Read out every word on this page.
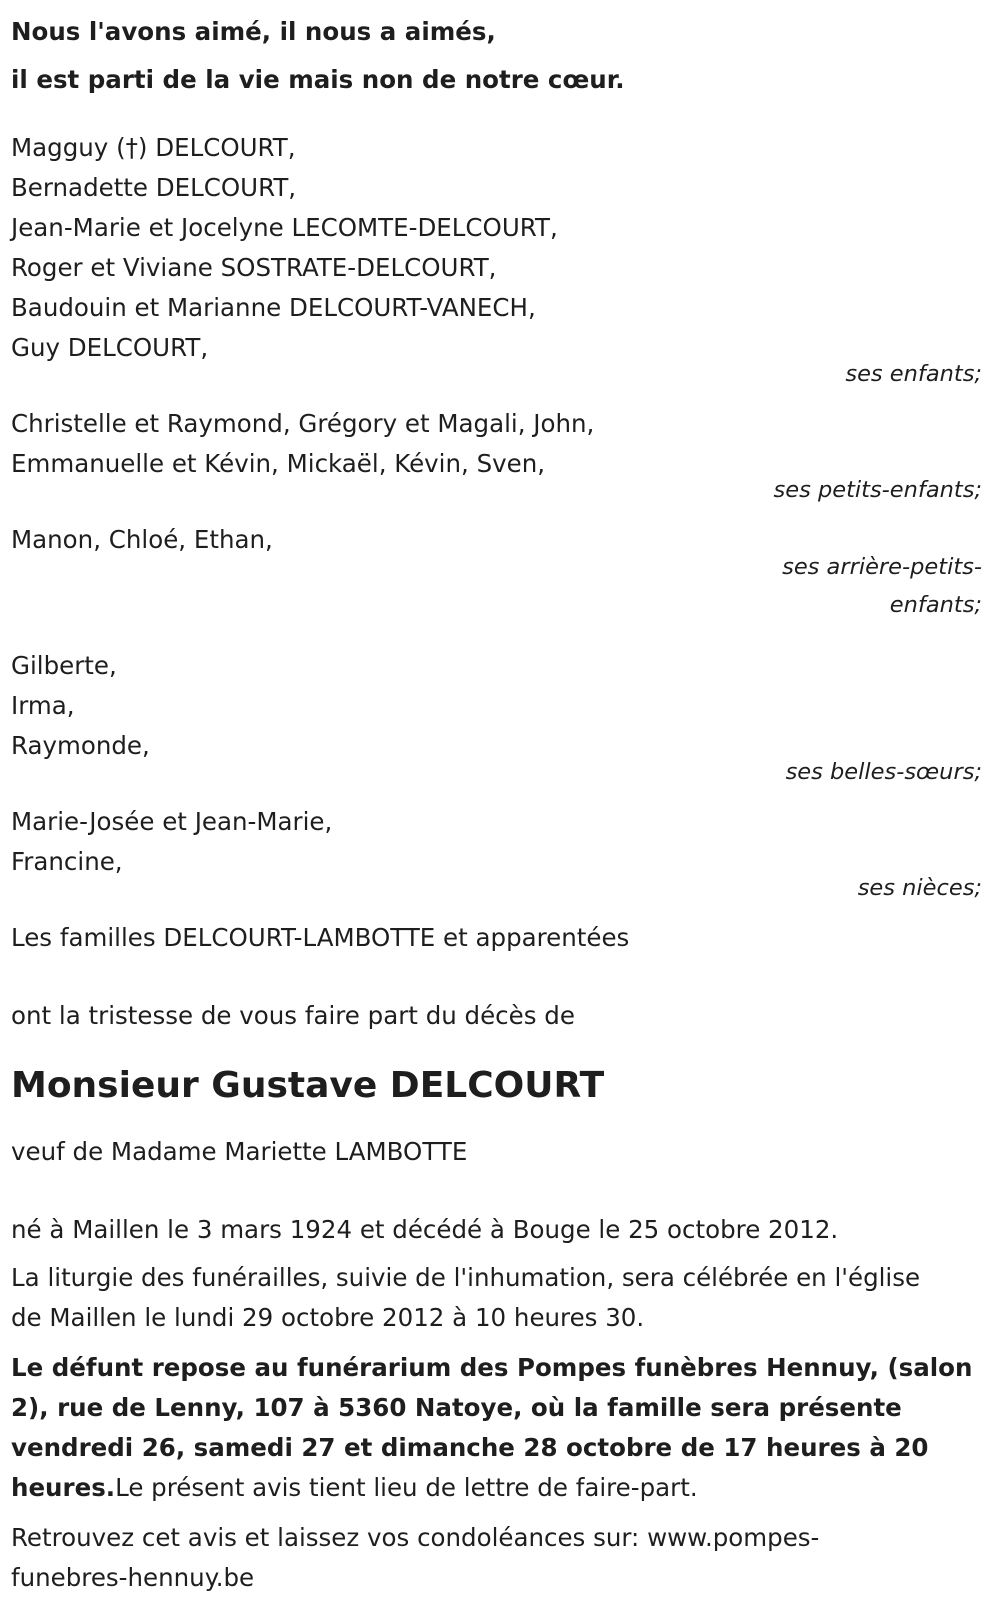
Nous l'avons aimé, il nous a aimés,
il est parti de la vie mais non de notre cœur.
Magguy (†) DELCOURT,
Bernadette DELCOURT,
Jean-Marie et Jocelyne LECOMTE-DELCOURT,
Roger et Viviane SOSTRATE-DELCOURT,
Baudouin et Marianne DELCOURT-VANECH,
Guy DELCOURT,
ses enfants;
Christelle et Raymond, Grégory et Magali, John,
Emmanuelle et Kévin, Mickaël, Kévin, Sven,
ses petits-enfants;
Manon, Chloé, Ethan,
ses arrière-petits-
enfants;
Gilberte,
Irma,
Raymonde,
ses belles-sœurs;
Marie-Josée et Jean-Marie,
Francine,
ses nièces;
Les familles DELCOURT-LAMBOTTE et apparentées
ont la tristesse de vous faire part du décès de
Monsieur Gustave DELCOURT
veuf de Madame Mariette LAMBOTTE
né à Maillen le 3 mars 1924 et décédé à Bouge le 25 octobre 2012.
La liturgie des funérailles, suivie de l'inhumation, sera célébrée en l'église
de Maillen le lundi 29 octobre 2012 à 10 heures 30.
Le défunt repose au funérarium des Pompes funèbres Hennuy, (salon
2), rue de Lenny, 107 à 5360 Natoye, où la famille sera présente
vendredi 26, samedi 27 et dimanche 28 octobre de 17 heures à 20
heures.Le présent avis tient lieu de lettre de faire-part.
Retrouvez cet avis et laissez vos condoléances sur: www.pompes-
funebres-hennuy.be
